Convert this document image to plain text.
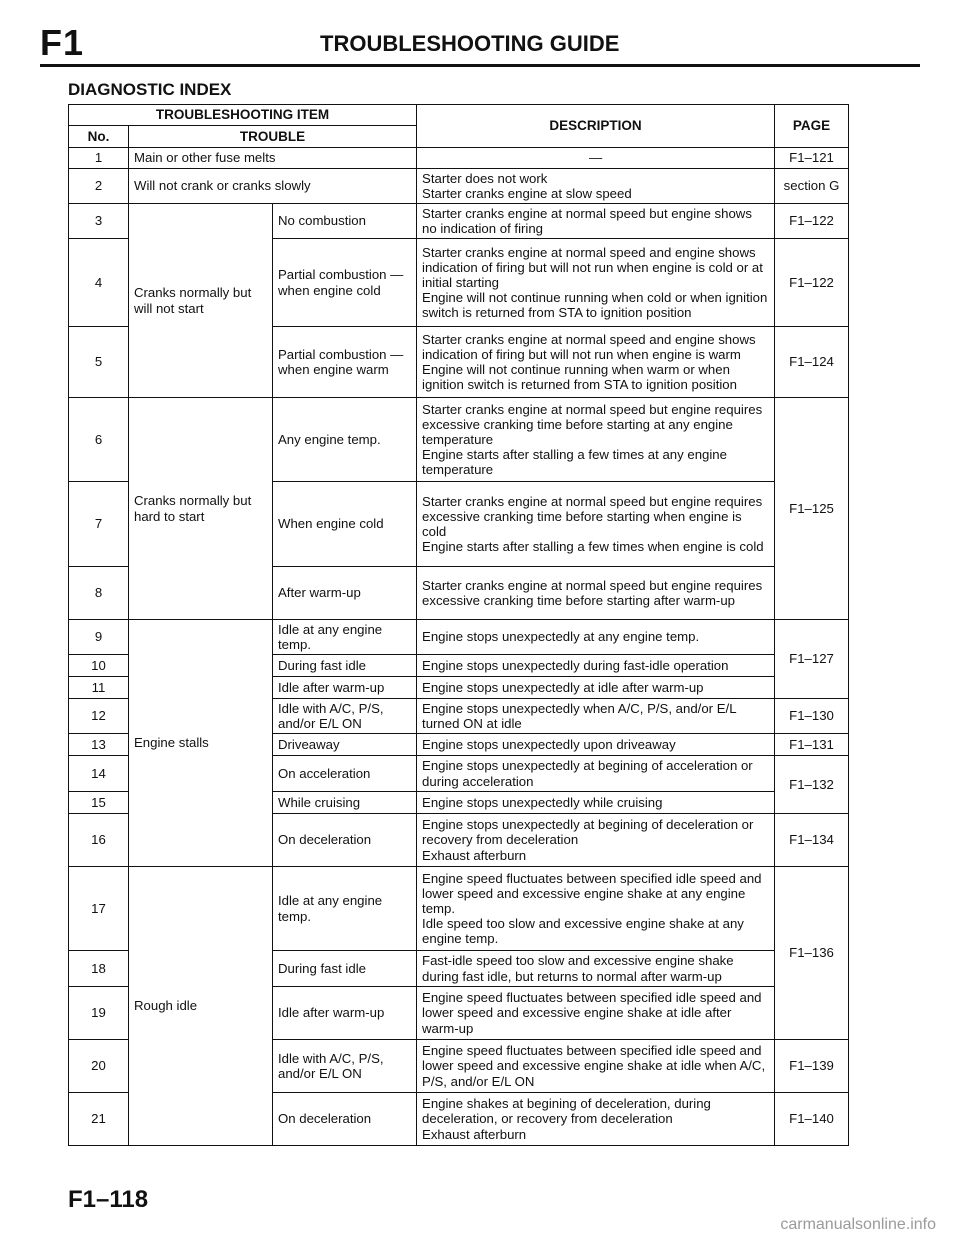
F1	TROUBLESHOOTING GUIDE
DIAGNOSTIC INDEX
TROUBLESHOOTING ITEM			DESCRIPTION	PAGE
No.	TROUBLE			
1	Main or other fuse melts		—	F1–121
2	Will not crank or cranks slowly		Starter does not work
Starter cranks engine at slow speed	section G
3	Cranks normally but will not start	No combustion	Starter cranks engine at normal speed but engine shows no indication of firing	F1–122
4		Partial combustion — when engine cold	Starter cranks engine at normal speed and engine shows indication of firing but will not run when engine is cold or at initial starting
Engine will not continue running when cold or when ignition switch is returned from STA to ignition position	F1–122
5		Partial combustion — when engine warm	Starter cranks engine at normal speed and engine shows indication of firing but will not run when engine is warm
Engine will not continue running when warm or when ignition switch is returned from STA to ignition position	F1–124
6	Cranks normally but hard to start	Any engine temp.	Starter cranks engine at normal speed but engine requires excessive cranking time before starting at any engine temperature
Engine starts after stalling a few times at any engine temperature	F1–125
7		When engine cold	Starter cranks engine at normal speed but engine requires excessive cranking time before starting when engine is cold
Engine starts after stalling a few times when engine is cold	
8		After warm-up	Starter cranks engine at normal speed but engine requires excessive cranking time before starting after warm-up	
9	Engine stalls	Idle at any engine temp.	Engine stops unexpectedly at any engine temp.	F1–127
10		During fast idle	Engine stops unexpectedly during fast-idle operation	
11		Idle after warm-up	Engine stops unexpectedly at idle after warm-up	
12		Idle with A/C, P/S, and/or E/L ON	Engine stops unexpectedly when A/C, P/S, and/or E/L turned ON at idle	F1–130
13		Driveaway	Engine stops unexpectedly upon driveaway	F1–131
14		On acceleration	Engine stops unexpectedly at begining of acceleration or during acceleration	F1–132
15		While cruising	Engine stops unexpectedly while cruising	
16		On deceleration	Engine stops unexpectedly at begining of deceleration or recovery from deceleration
Exhaust afterburn	F1–134
17	Rough idle	Idle at any engine temp.	Engine speed fluctuates between specified idle speed and lower speed and excessive engine shake at any engine temp.
Idle speed too slow and excessive engine shake at any engine temp.	F1–136
18		During fast idle	Fast-idle speed too slow and excessive engine shake during fast idle, but returns to normal after warm-up	
19		Idle after warm-up	Engine speed fluctuates between specified idle speed and lower speed and excessive engine shake at idle after warm-up	
20		Idle with A/C, P/S, and/or E/L ON	Engine speed fluctuates between specified idle speed and lower speed and excessive engine shake at idle when A/C, P/S, and/or E/L ON	F1–139
21		On deceleration	Engine shakes at begining of deceleration, during deceleration, or recovery from deceleration
Exhaust afterburn	F1–140
F1–118
carmanualsonline.info
